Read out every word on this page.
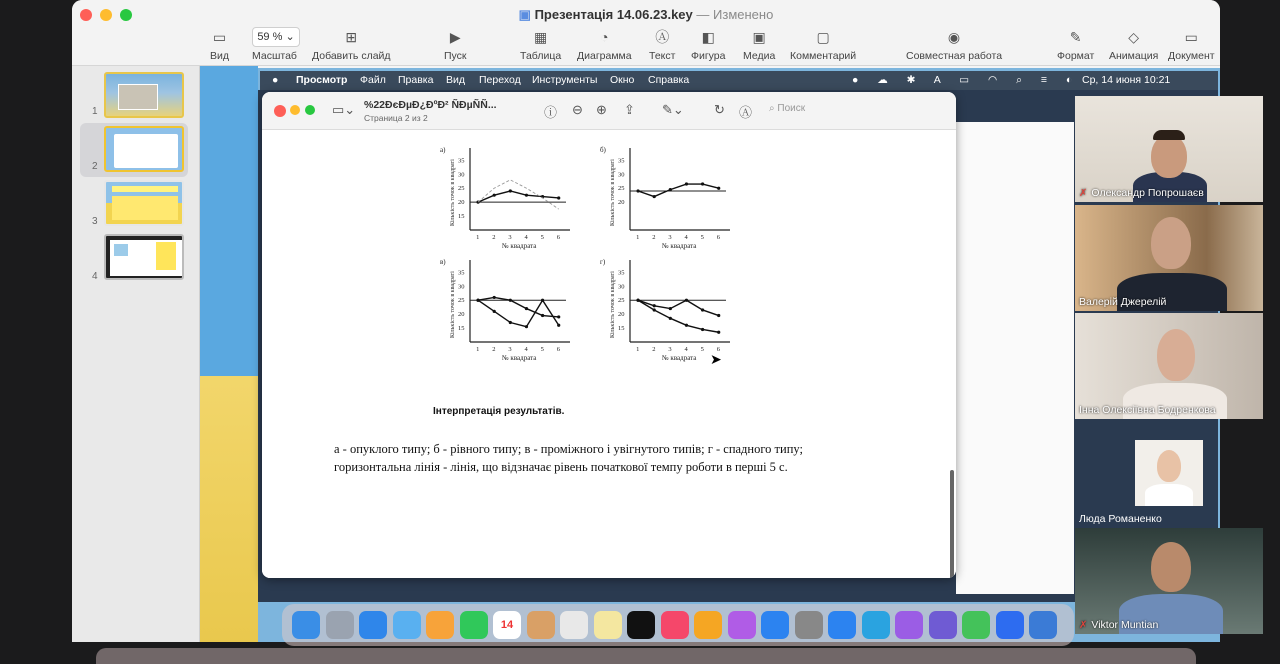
▣ Презентація 14.06.23.key — Изменено
▭
Вид
59 % ⌄
Масштаб
⊞
Добавить слайд
▶
Пуск
▦
Таблица
◔
Диаграмма
Ⓐ
Текст
◧
Фигура
▣
Медиа
▢
Комментарий
◉
Совместная работа
✎
Формат
◇
Анимация
▭
Документ
1
2
3
4
● Просмотр Файл Правка Вид Переход Инструменты Окно Справка	● ☁ ✱ A ▭ ◠ ⌕ ≡ ◐ Ср, 14 июня 10:21
▭⌄ %22ÐєÐµÐ¿ÐºÐ² ÑÐµÑÑ...
Страница 2 из 2	ⓘ ⊖ ⊕ ⇪ ✎⌄ ↻ Ⓐ ⌕ Поиск
а)
Кількість точок в квадраті
№ квадрата
1 2 3 4 5 6
15
20
25
30
35
б)
Кількість точок в квадраті
№ квадрата
1 2 3 4 5 6
20
25
30
35
в)
Кількість точок в квадраті
№ квадрата
1 2 3 4 5 6
15
20
25
30
35
г)
Кількість точок в квадраті
№ квадрата
1 2 3 4 5 6
15
20
25
30
35
Інтерпретація результатів.
а - опуклого типу; б - рівного типу; в - проміжного і увігнутого типів; г - спадного типу;
горизонтальна лінія - лінія, що відзначає рівень початкової темпу роботи в перші 5 с.
➤
14
✗ Олександр Попрошаєв
Валерій Джерелій
Інна Олексіївна Бодренкова
Люда Романенко
✗ Viktor Muntian
